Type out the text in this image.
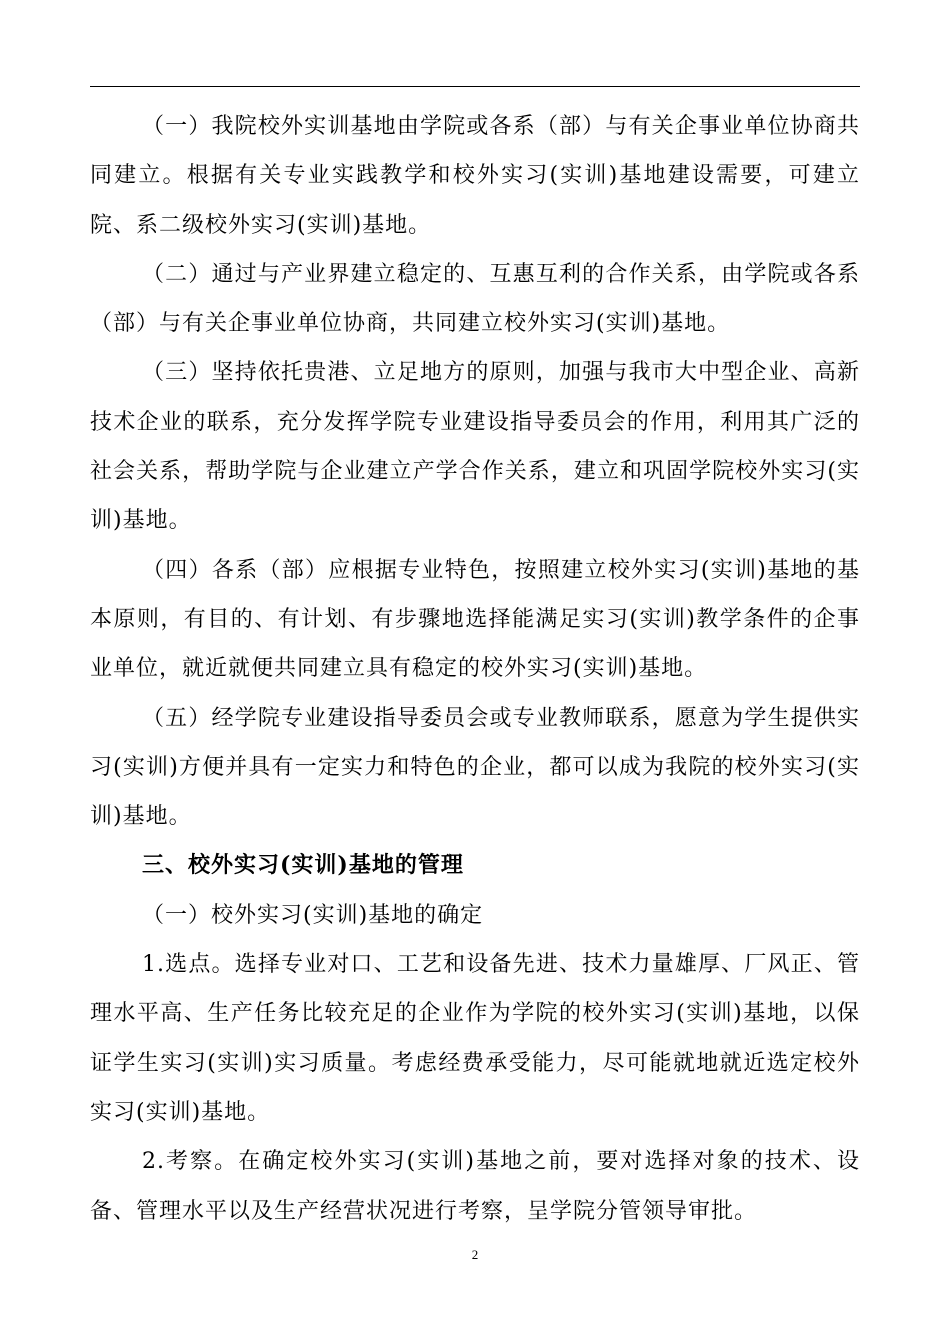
（一）我院校外实训基地由学院或各系（部）与有关企事业单位协商共同建立。根据有关专业实践教学和校外实习(实训)基地建设需要，可建立院、系二级校外实习(实训)基地。

（二）通过与产业界建立稳定的、互惠互利的合作关系，由学院或各系（部）与有关企事业单位协商，共同建立校外实习(实训)基地。

（三）坚持依托贵港、立足地方的原则，加强与我市大中型企业、高新技术企业的联系，充分发挥学院专业建设指导委员会的作用，利用其广泛的社会关系，帮助学院与企业建立产学合作关系，建立和巩固学院校外实习(实训)基地。

（四）各系（部）应根据专业特色，按照建立校外实习(实训)基地的基本原则，有目的、有计划、有步骤地选择能满足实习(实训)教学条件的企事业单位，就近就便共同建立具有稳定的校外实习(实训)基地。

（五）经学院专业建设指导委员会或专业教师联系，愿意为学生提供实习(实训)方便并具有一定实力和特色的企业，都可以成为我院的校外实习(实训)基地。

三、校外实习(实训)基地的管理

（一）校外实习(实训)基地的确定

1.选点。选择专业对口、工艺和设备先进、技术力量雄厚、厂风正、管理水平高、生产任务比较充足的企业作为学院的校外实习(实训)基地，以保证学生实习(实训)实习质量。考虑经费承受能力，尽可能就地就近选定校外实习(实训)基地。

2.考察。在确定校外实习(实训)基地之前，要对选择对象的技术、设备、管理水平以及生产经营状况进行考察，呈学院分管领导审批。

2
